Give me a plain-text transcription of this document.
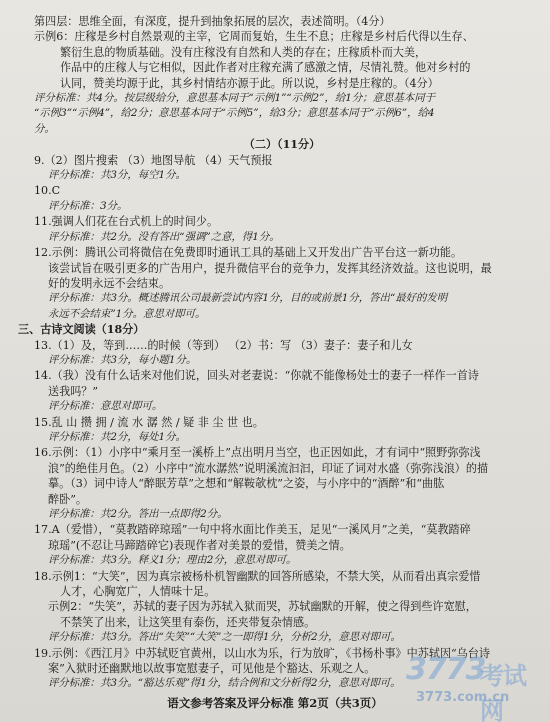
第四层：思维全面，有深度，提升到抽象拓展的层次，表述简明。（4分）
示例6：庄稼是乡村自然景观的主宰，它周而复始，生生不息；庄稼是乡村后代得以生存、
繁衍生息的物质基础。没有庄稼没有自然和人类的存在；庄稼质朴而大美，
作品中的庄稼人与它相似，因此作者对庄稼充满了感激之情，尽情礼赞。他对乡村的
认同，赞美均源于此，其乡村情结亦源于此。所以说，乡村是庄稼的。（4分）
评分标准：共4分。按层级给分，意思基本同于“示例1”“示例2”，给1分；意思基本同于
“示例3”“示例4”，给2分；意思基本同于“示例5”，给3分；意思基本同于“示例6”，给4
分。
（二）（11分）
9.（2）图片搜索 （3）地图导航 （4）天气预报
评分标准：共3分，每空1分。
10.C
评分标准：3分。
11.强调人们花在台式机上的时间少。
评分标准：共2分。没有答出“强调”之意，得1分。
12.示例：腾讯公司将微信在免费即时通讯工具的基础上又开发出广告平台这一新功能。
该尝试旨在吸引更多的广告用户，提升微信平台的竞争力，发挥其经济效益。这也说明，最
好的发明永远不会结束。
评分标准：共3分。概述腾讯公司最新尝试内容1分，目的或前景1分，答出“最好的发明
永远不会结束”1分。意思对即可。
三、古诗文阅读（18分）
13.（1）及，等到……的时候（等到） （2）书：写 （3）妻子：妻子和儿女
评分标准：共3分，每小题1分。
14.（我）没有什么话来对他们说，回头对老妻说：“你就不能像杨处士的妻子一样作一首诗
送我吗？”
评分标准：意思对即可。
15.乱 山 攒 拥 / 流 水 潺 然 / 疑 非 尘 世 也。
评分标准：共2分，每处1分。
16.示例：（1）小序中“乘月至一溪桥上”点出明月当空，也正因如此，才有词中“照野弥弥浅
浪”的绝佳月色。（2）小序中“流水潺然”说明溪流汩汩，印证了词对水盛（弥弥浅浪）的描
摹。（3）词中诗人“醉眠芳草”之想和“解鞍欹枕”之姿，与小序中的“酒醉”和“曲肱
醉卧”。
评分标准：共2分。答出一点即得2分。
17.A（爱惜），“莫教踏碎琼瑶”一句中将水面比作美玉，足见“一溪风月”之美，“莫教踏碎
琼瑶”(不忍让马蹄踏碎它)表现作者对美景的爱惜，赞美之情。
评分标准：共3分。释义1分；理由2分，意思对即可。
18.示例1：“大笑”，因为真宗被杨朴机智幽默的回答所感染，不禁大笑，从而看出真宗爱惜
人才，心胸宽广，人情味十足。
示例2：“失笑”，苏轼的妻子因为苏轼入狱而哭，苏轼幽默的开解，使之得到些许宽慰，
不禁笑了出来，让这笑里有泰伤，还夹带复杂情感。
评分标准：共3分。答出“失笑”“大笑”之一即得1分，分析2分，意思对即可。
19.示例：《西江月》中苏轼贬官黄州，以山水为乐，行为放旷，《书杨朴事》中苏轼因“乌台诗
案”入狱时还幽默地以故事宽慰妻子，可见他是个豁达、乐观之人。
评分标准：共3分。“豁达乐观”得1分，结合例和文分析得2分，意思对即可。
语文参考答案及评分标准 第2页（共3页）
3773
考试网
3773.com.cn
